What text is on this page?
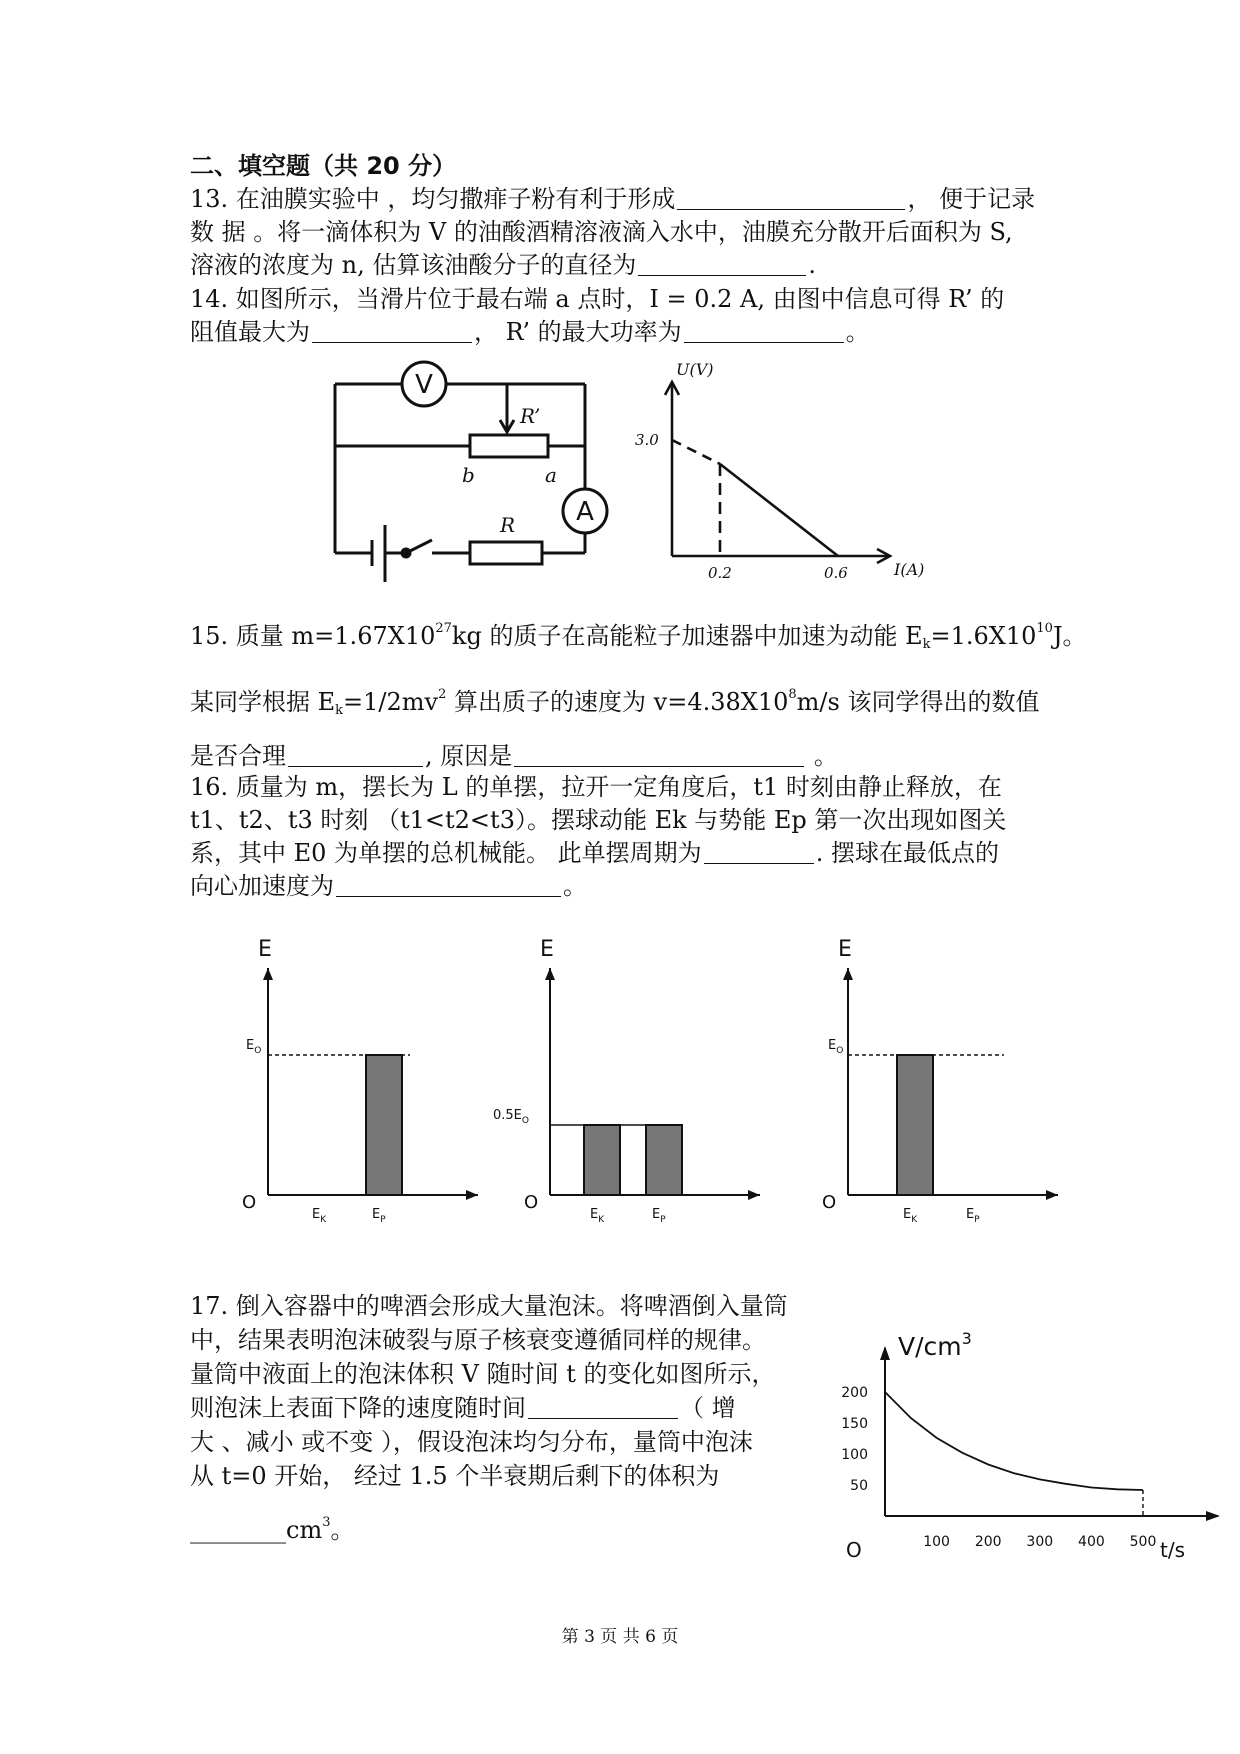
二、填空题（共 20 分）
13. 在油膜实验中 ，均匀撒痱子粉有利于形成	， 便于记录
数 据 。将一滴体积为 V 的油酸酒精溶液滴入水中，油膜充分散开后面积为 S,
溶液的浓度为 n, 估算该油酸分子的直径为	.
14. 如图所示，当滑片位于最右端 a 点时，I = 0.2 A, 由图中信息可得 R’ 的
阻值最大为	， R’ 的最大功率为	。
V
A
R’
R
b	a
U(V)
I(A)
3.0
0.2	0.6
15. 质量 $m=1.67X10^{27}kg$ 的质子在高能粒子加速器中加速为动能 $E_k=1.6X10^{10}J$。
某同学根据 $E_k=1/2mv^2$ 算出质子的速度为 $v=4.38X10^8m/s$ 该同学得出的数值
是否合理	, 原因是	。
16. 质量为 m，摆长为 L 的单摆，拉开一定角度后，t1 时刻由静止释放，在
t1、t2、t3 时刻 （t1<t2<t3）。摆球动能 Ek 与势能 Ep 第一次出现如图关
系，其中 E0 为单摆的总机械能。 此单摆周期为	. 摆球在最低点的
向心加速度为	。
E
O
$E_O$
$E_K$	$E_P$
E
O
$0.5E_O$
$E_K$	$E_P$
E
O
$E_O$
$E_K$	$E_P$
17. 倒入容器中的啤酒会形成大量泡沫。将啤酒倒入量筒
中，结果表明泡沫破裂与原子核衰变遵循同样的规律。
量筒中液面上的泡沫体积 V 随时间 t 的变化如图所示，
则泡沫上表面下降的速度随时间	（ 增
大 、减小 或不变 ），假设泡沫均匀分布，量筒中泡沫
从 t=0 开始， 经过 1.5 个半衰期后剩下的体积为
$\_\_\_\_\_\_\_\_cm^3$。
$V/cm^3$
t/s
O	100 200 300 400 500
50
100
150
200
第 3 页 共 6 页
